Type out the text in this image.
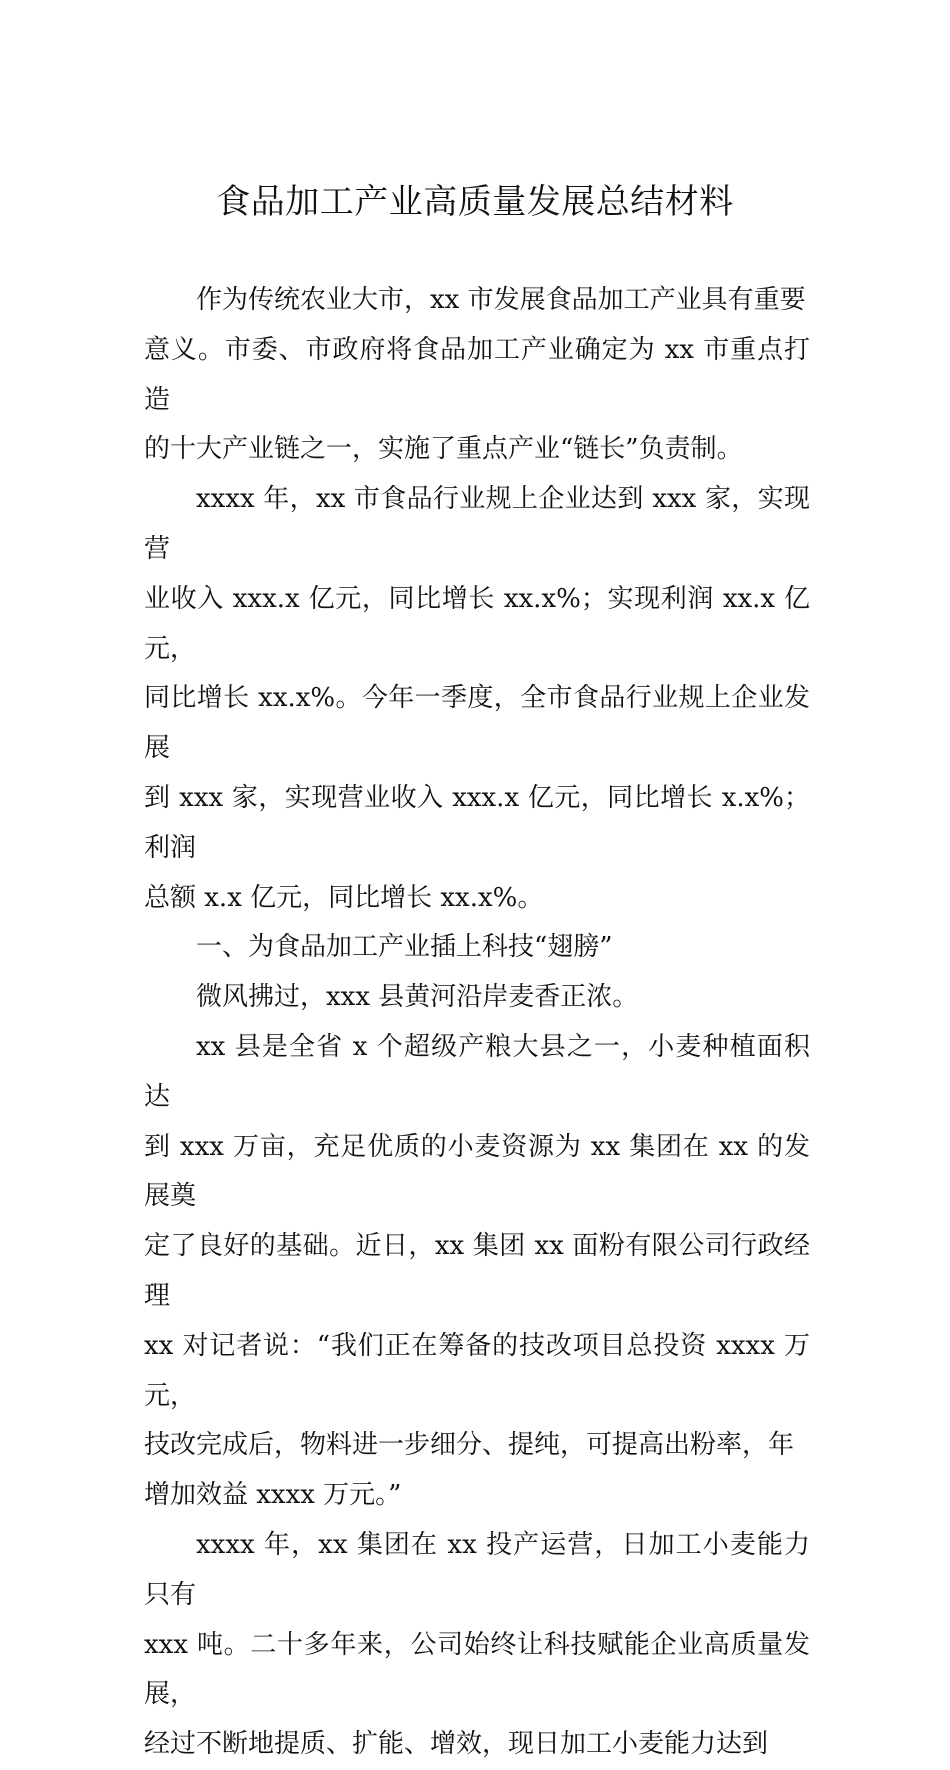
食品加工产业高质量发展总结材料

作为传统农业大市，xx 市发展食品加工产业具有重要
意义。市委、市政府将食品加工产业确定为 xx 市重点打造
的十大产业链之一，实施了重点产业“链长”负责制。

xxxx 年，xx 市食品行业规上企业达到 xxx 家，实现营
业收入 xxx.x 亿元，同比增长 xx.x%；实现利润 xx.x 亿元，
同比增长 xx.x%。今年一季度，全市食品行业规上企业发展
到 xxx 家，实现营业收入 xxx.x 亿元，同比增长 x.x%；利润
总额 x.x 亿元，同比增长 xx.x%。

一、为食品加工产业插上科技“翅膀”

微风拂过，xxx 县黄河沿岸麦香正浓。

xx 县是全省 x 个超级产粮大县之一，小麦种植面积达
到 xxx 万亩，充足优质的小麦资源为 xx 集团在 xx 的发展奠
定了良好的基础。近日，xx 集团 xx 面粉有限公司行政经理
xx 对记者说：“我们正在筹备的技改项目总投资 xxxx 万元，
技改完成后，物料进一步细分、提纯，可提高出粉率，年
增加效益 xxxx 万元。”

xxxx 年，xx 集团在 xx 投产运营，日加工小麦能力只有
xxx 吨。二十多年来，公司始终让科技赋能企业高质量发展，
经过不断地提质、扩能、增效，现日加工小麦能力达到
